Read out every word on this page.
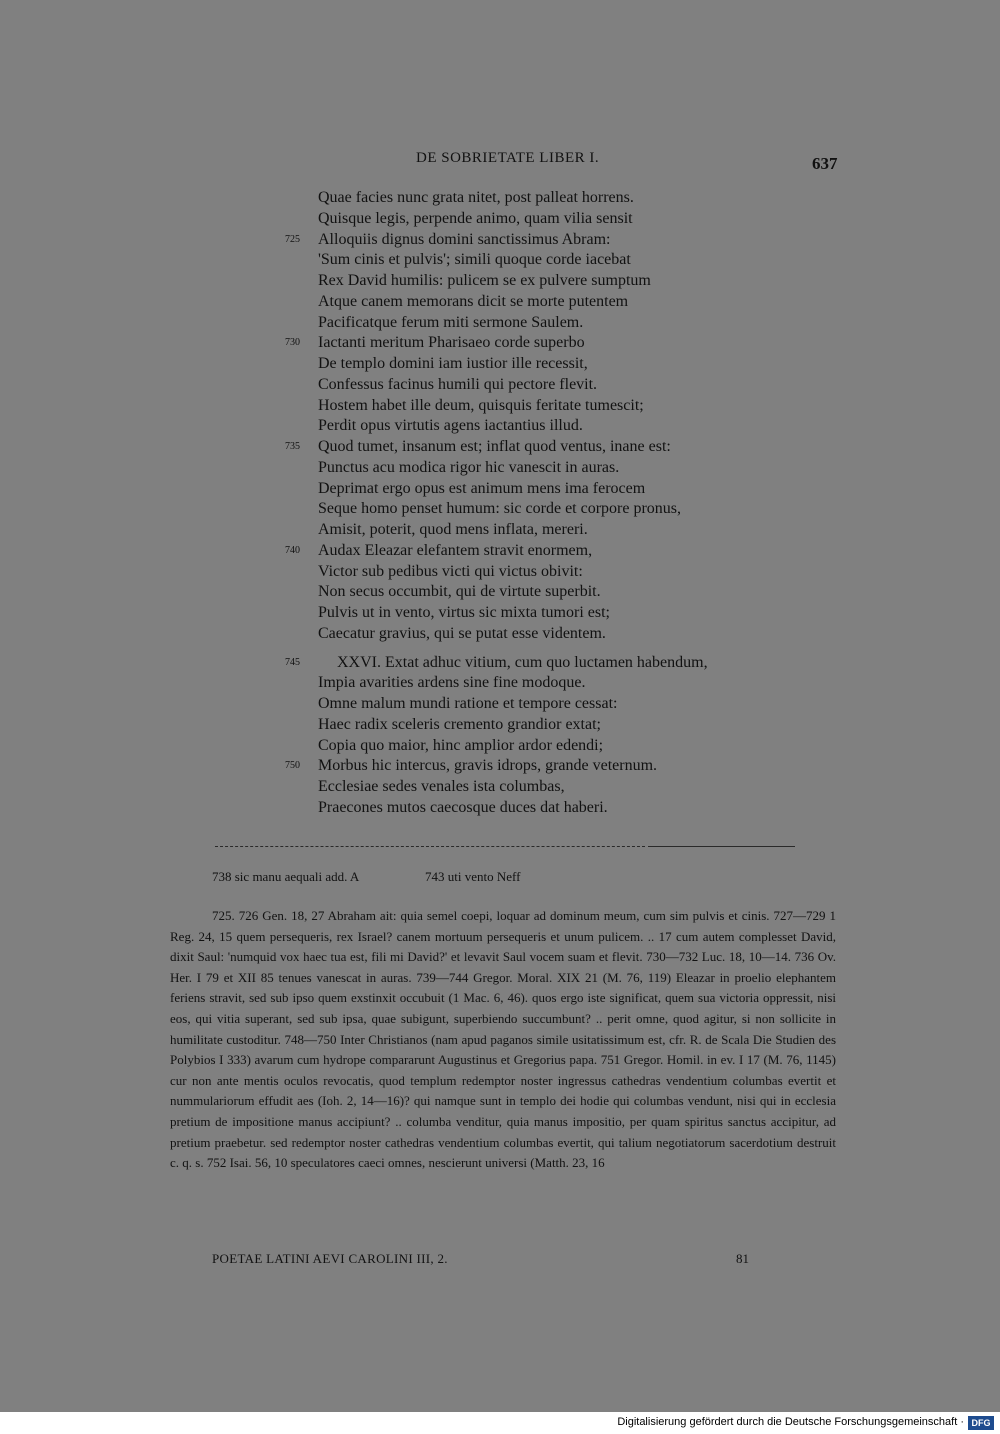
DE SOBRIETATE LIBER I.	637
Quae facies nunc grata nitet, post palleat horrens.
Quisque legis, perpende animo, quam vilia sensit
Alloquiis dignus domini sanctissimus Abram:
725
'Sum cinis et pulvis'; simili quoque corde iacebat
Rex David humilis: pulicem se ex pulvere sumptum
Atque canem memorans dicit se morte putentem
Pacificatque ferum miti sermone Saulem.
Iactanti meritum Pharisaeo corde superbo
730
De templo domini iam iustior ille recessit,
Confessus facinus humili qui pectore flevit.
Hostem habet ille deum, quisquis feritate tumescit;
Perdit opus virtutis agens iactantius illud.
Quod tumet, insanum est; inflat quod ventus, inane est:
735
Punctus acu modica rigor hic vanescit in auras.
Deprimat ergo opus est animum mens ima ferocem
Seque homo penset humum: sic corde et corpore pronus,
Amisit, poterit, quod mens inflata, mereri.
Audax Eleazar elefantem stravit enormem,
740
Victor sub pedibus victi qui victus obivit:
Non secus occumbit, qui de virtute superbit.
Pulvis ut in vento, virtus sic mixta tumori est;
Caecatur gravius, qui se putat esse videntem.
XXVI. Extat adhuc vitium, cum quo luctamen habendum,
745
Impia avarities ardens sine fine modoque.
Omne malum mundi ratione et tempore cessat:
Haec radix sceleris cremento grandior extat;
Copia quo maior, hinc amplior ardor edendi;
Morbus hic intercus, gravis idrops, grande veternum.
750
Ecclesiae sedes venales ista columbas,
Praecones mutos caecosque duces dat haberi.
738 sic manu aequali add. A	743 uti vento Neff

725. 726 Gen. 18, 27 Abraham ait: quia semel coepi, loquar ad dominum meum, cum sim pulvis et cinis. 727—729 1 Reg. 24, 15 quem persequeris, rex Israel? canem mortuum persequeris et unum pulicem. .. 17 cum autem complesset David, dixit Saul: 'numquid vox haec tua est, fili mi David?' et levavit Saul vocem suam et flevit. 730—732 Luc. 18, 10—14. 736 Ov. Her. I 79 et XII 85 tenues vanescat in auras. 739—744 Gregor. Moral. XIX 21 (M. 76, 119) Eleazar in proelio elephantem feriens stravit, sed sub ipso quem exstinxit occubuit (1 Mac. 6, 46). quos ergo iste significat, quem sua victoria oppressit, nisi eos, qui vitia superant, sed sub ipsa, quae subigunt, superbiendo succumbunt? .. perit omne, quod agitur, si non sollicite in humilitate custoditur. 748—750 Inter Christianos (nam apud paganos simile usitatissimum est, cfr. R. de Scala Die Studien des Polybios I 333) avarum cum hydrope compararunt Augustinus et Gregorius papa. 751 Gregor. Homil. in ev. I 17 (M. 76, 1145) cur non ante mentis oculos revocatis, quod templum redemptor noster ingressus cathedras vendentium columbas evertit et nummulariorum effudit aes (Ioh. 2, 14—16)? qui namque sunt in templo dei hodie qui columbas vendunt, nisi qui in ecclesia pretium de impositione manus accipiunt? .. columba venditur, quia manus impositio, per quam spiritus sanctus accipitur, ad pretium praebetur. sed redemptor noster cathedras vendentium columbas evertit, qui talium negotiatorum sacerdotium destruit c. q. s. 752 Isai. 56, 10 speculatores caeci omnes, nescierunt universi (Matth. 23, 16

POETAE LATINI AEVI CAROLINI III, 2.	81
Digitalisierung gefördert durch die Deutsche Forschungsgemeinschaft · DFG
